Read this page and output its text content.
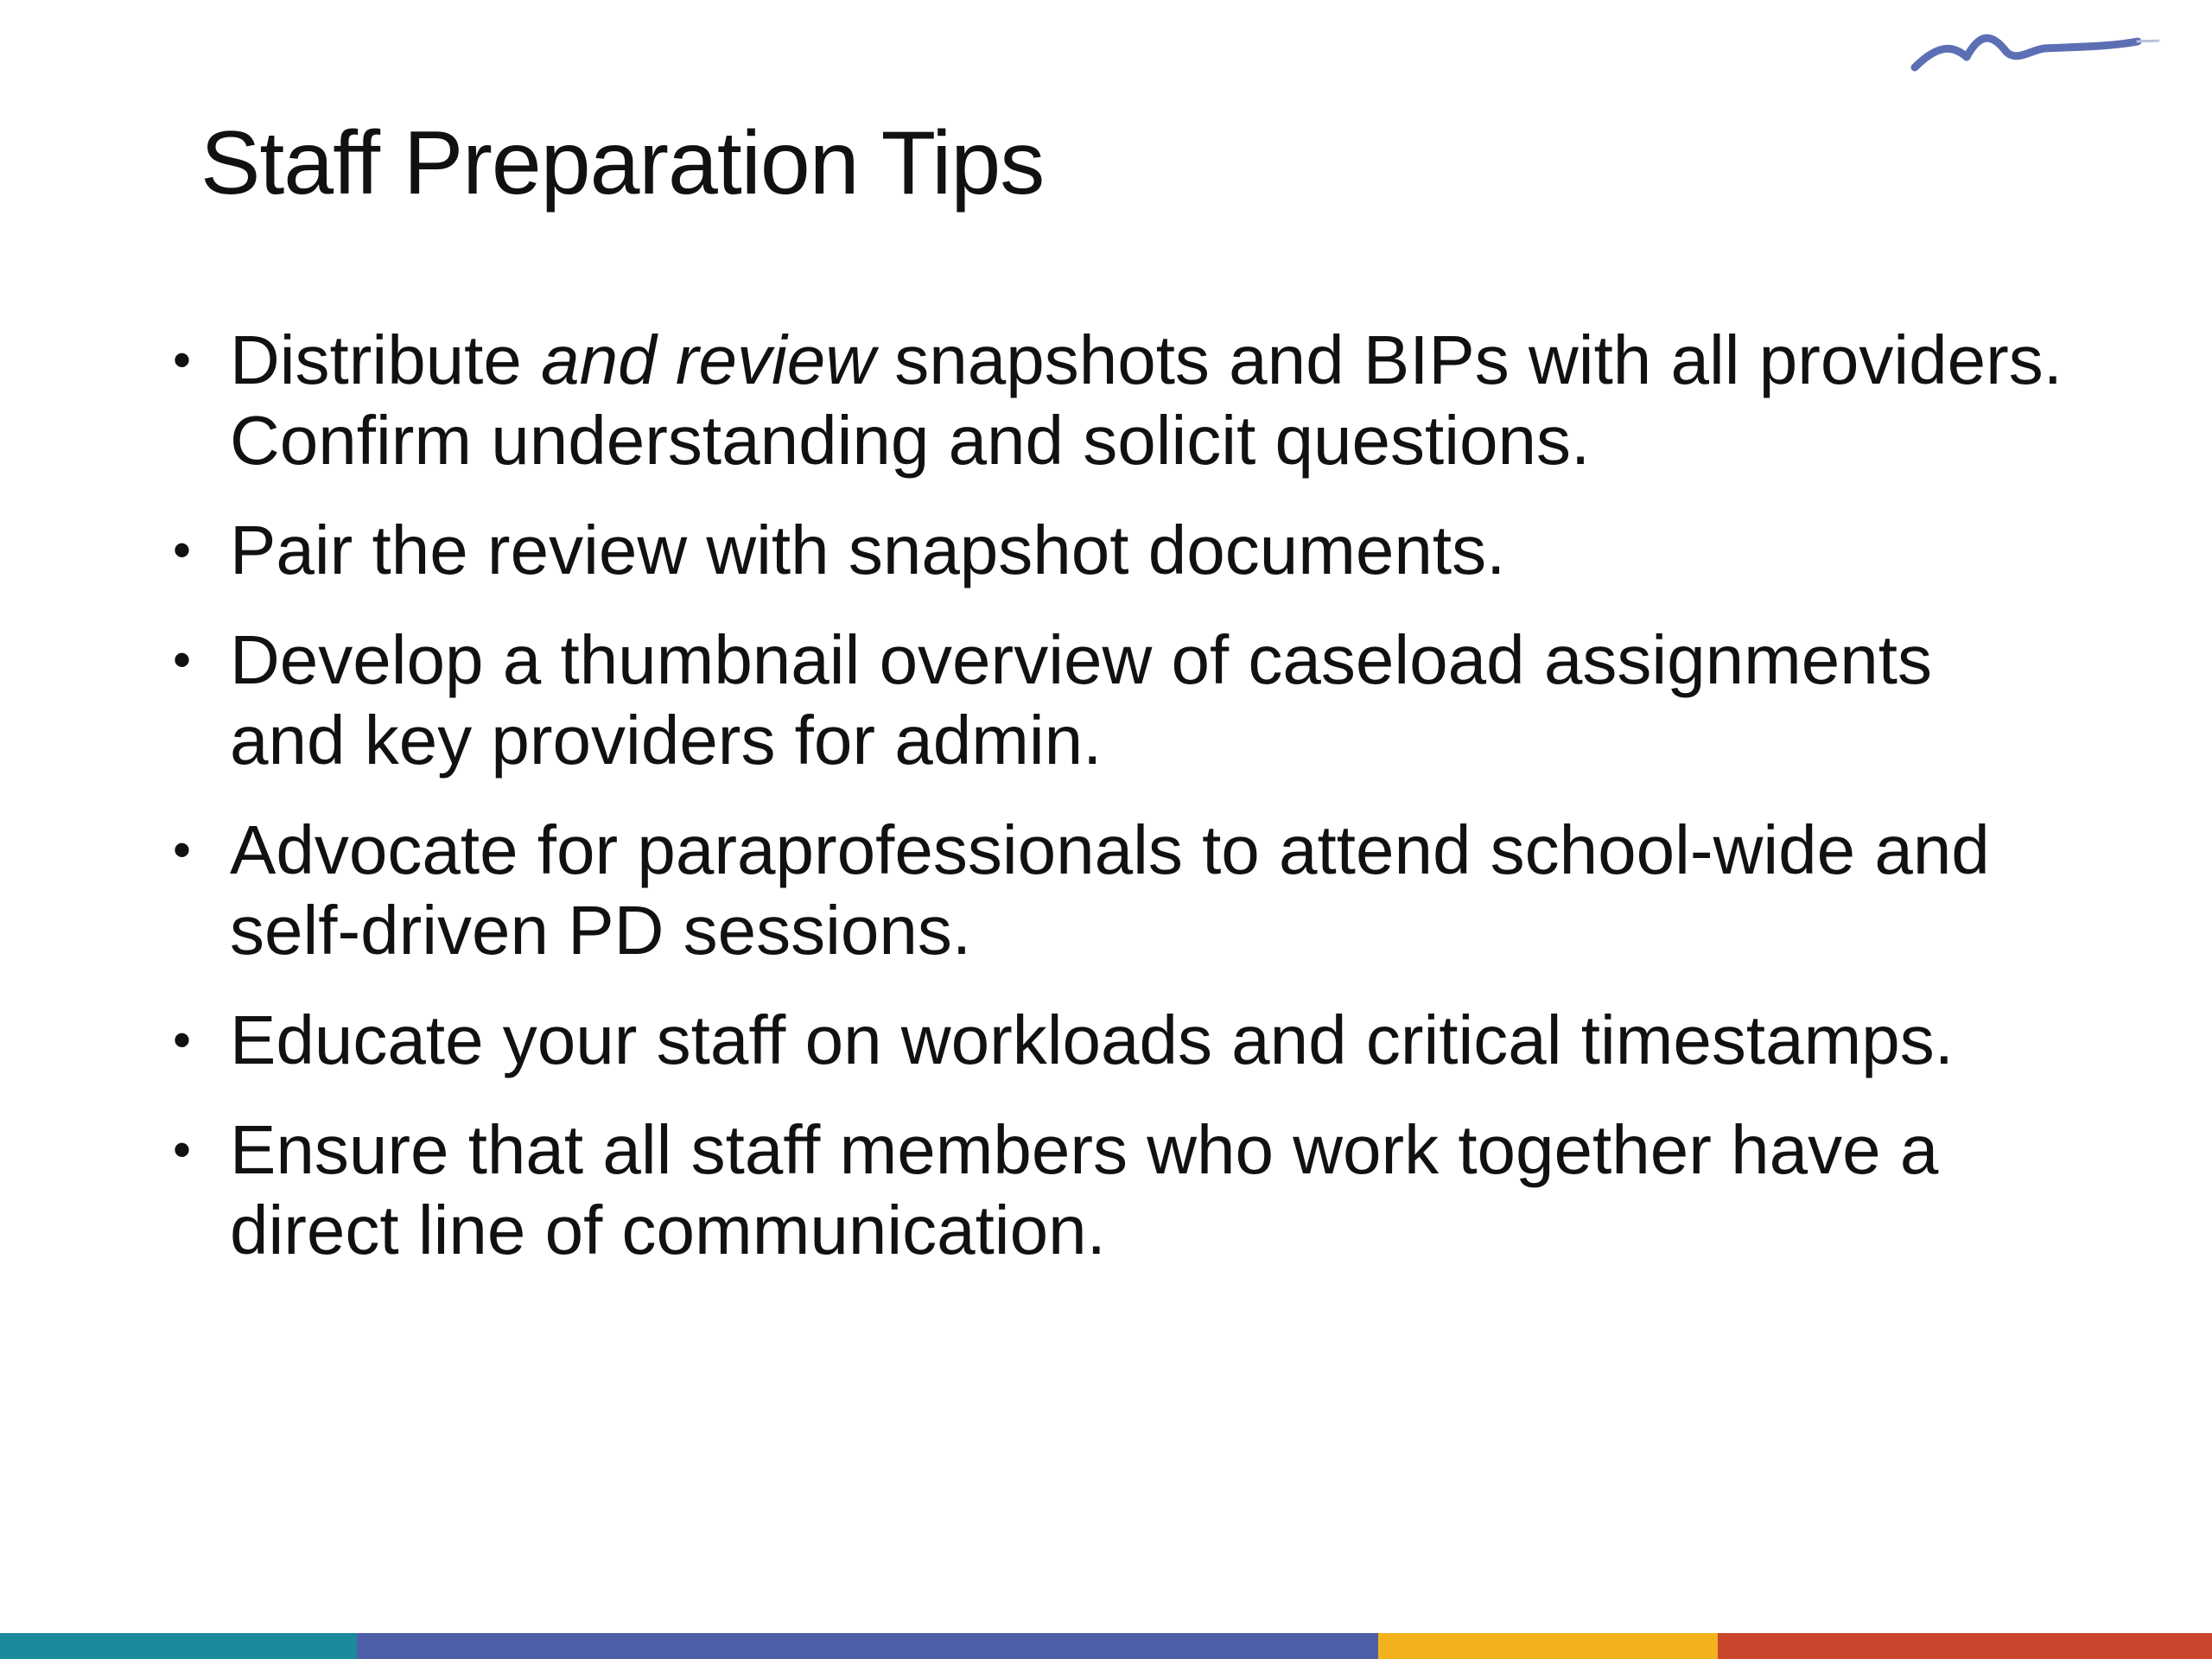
Staff Preparation Tips
• Distribute and review snapshots and BIPs with all providers. Confirm understanding and solicit questions.
• Pair the review with snapshot documents.
• Develop a thumbnail overview of caseload assignments and key providers for admin.
• Advocate for paraprofessionals to attend school-wide and self-driven PD sessions.
• Educate your staff on workloads and critical timestamps.
• Ensure that all staff members who work together have a direct line of communication.
